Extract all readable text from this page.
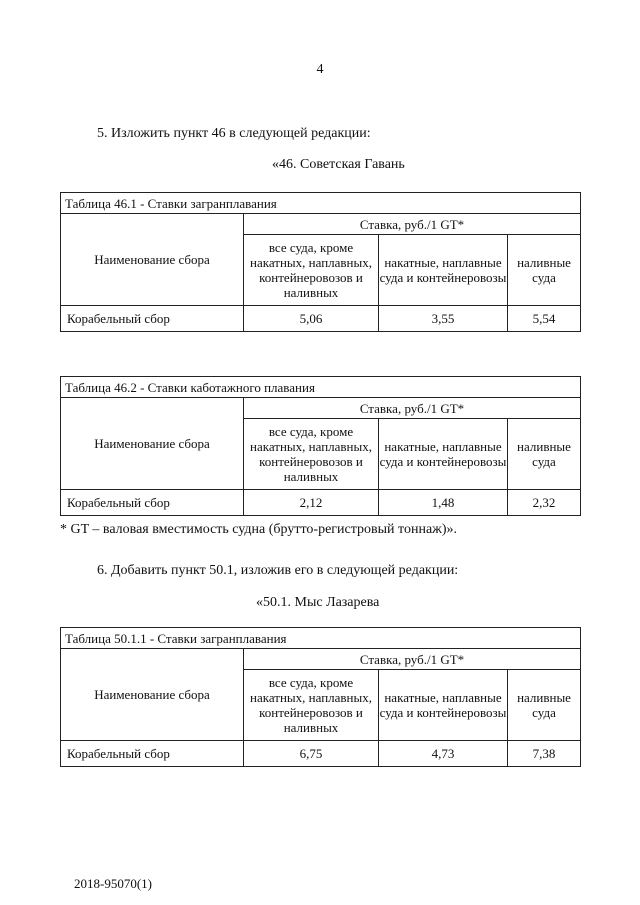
4
5. Изложить пункт 46 в следующей редакции:
«46. Советская Гавань
Таблица 46.1 - Ставки загранплавания			
Наименование сбора	Ставка, руб./1 GT*		
	все суда, кроме накатных, наплавных, контейнеровозов и наливных	накатные, наплавные суда и контейнеровозы	наливные суда
Корабельный сбор	5,06	3,55	5,54
Таблица 46.2 - Ставки каботажного плавания			
Наименование сбора	Ставка, руб./1 GT*		
	все суда, кроме накатных, наплавных, контейнеровозов и наливных	накатные, наплавные суда и контейнеровозы	наливные суда
Корабельный сбор	2,12	1,48	2,32
* GT – валовая вместимость судна (брутто-регистровый тоннаж)».
6. Добавить пункт 50.1, изложив его в следующей редакции:
«50.1. Мыс Лазарева
Таблица 50.1.1 - Ставки загранплавания			
Наименование сбора	Ставка, руб./1 GT*		
	все суда, кроме накатных, наплавных, контейнеровозов и наливных	накатные, наплавные суда и контейнеровозы	наливные суда
Корабельный сбор	6,75	4,73	7,38
2018-95070(1)
